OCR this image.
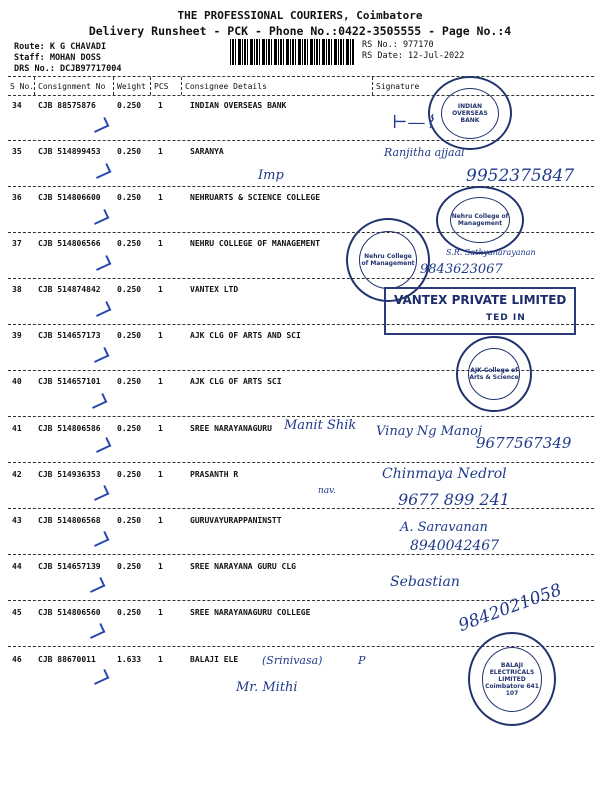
THE PROFESSIONAL COURIERS, Coimbatore
Delivery Runsheet - PCK - Phone No.:0422-3505555 - Page No.:4
Route: K G CHAVADI
Staff: MOHAN DOSS
DRS No.: DCJB97717004
RS No.: 977170
RS Date: 12-Jul-2022
S No. Consignment No Weight PCS Consignee Details	Signature
34 CJB 88575876	0.250 1	INDIAN OVERSEAS BANK
35 CJB 514899453 0.250 1	SARANYA
36 CJB 514806600 0.250 1	NEHRUARTS & SCIENCE COLLEGE
37 CJB 514806566 0.250 1	NEHRU COLLEGE OF MANAGEMENT
38 CJB 514874842 0.250 1	VANTEX LTD
39 CJB 514657173 0.250 1	AJK CLG OF ARTS AND SCI
40 CJB 514657101 0.250 1	AJK CLG OF ARTS SCI
41 CJB 514806586 0.250 1	SREE NARAYANAGURU
42 CJB 514936353 0.250 1	PRASANTH R
43 CJB 514806568 0.250 1	GURUVAYURAPPANINSTT
44 CJB 514657139 0.250 1	SREE NARAYANA GURU CLG
45 CJB 514806560 0.250 1	SREE NARAYANAGURU COLLEGE
46 CJB 88670011	1.633 1	BALAJI ELE
INDIAN OVERSEAS BANK
Nehru College of Management
Nehru College of Management
VANTEX PRIVATE LIMITED
TED IN
AJK College of Arts & Science
BALAJI ELECTRICALS LIMITED Coimbatore 641 107
⊢—⌇
Imp
Ranjitha ajjaal
9952375847
S.R. Sathyanarayanan
9843623067
Manit Shik Vinay Ng Manoj
9677567349
nav.
Chinmaya Nedrol
9677 899 241
A. Saravanan
8940042467
Sebastian
9842021058
(Srinivasa)
Mr. Mithi
P
